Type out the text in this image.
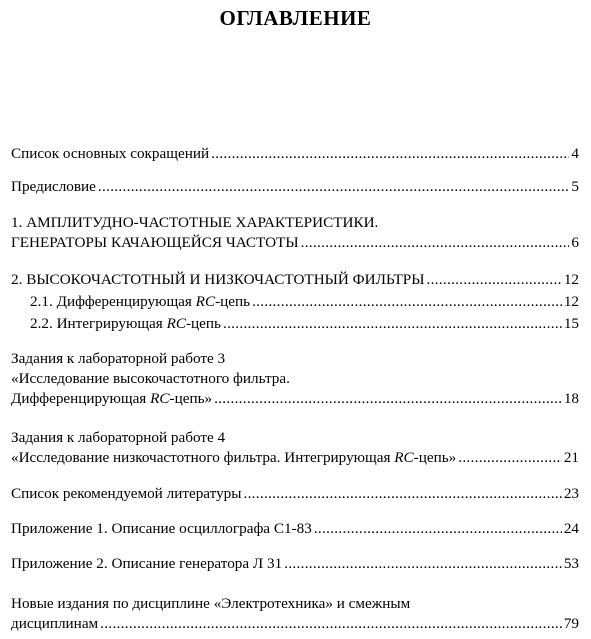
ОГЛАВЛЕНИЕ
Список основных сокращений .....	4
Предисловие .....	5
1. АМПЛИТУДНО-ЧАСТОТНЫЕ ХАРАКТЕРИСТИКИ.
ГЕНЕРАТОРЫ КАЧАЮЩЕЙСЯ ЧАСТОТЫ .....	6
2. ВЫСОКОЧАСТОТНЫЙ И НИЗКОЧАСТОТНЫЙ ФИЛЬТРЫ .....	12
2.1. Дифференцирующая RC-цепь .....	12
2.2. Интегрирующая RC-цепь .....	15
Задания к лабораторной работе 3
«Исследование высокочастотного фильтра.
Дифференцирующая RC-цепь» .....	18
Задания к лабораторной работе 4
«Исследование низкочастотного фильтра. Интегрирующая RC-цепь» .....	21
Список рекомендуемой литературы .....	23
Приложение 1. Описание осциллографа С1-83 .....	24
Приложение 2. Описание генератора Л 31 .....	53
Новые издания по дисциплине «Электротехника» и смежным
дисциплинам .....	79
